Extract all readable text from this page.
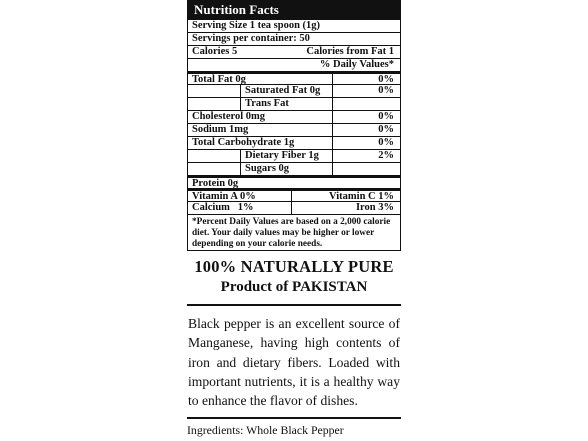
Nutrition Facts
Serving Size 1 tea spoon (1g)
Servings per container: 50
Calories 5	Calories from Fat 1
% Daily Values*
Total Fat 0g	0%
Saturated Fat 0g	0%
Trans Fat
Cholesterol 0mg	0%
Sodium 1mg	0%
Total Carbohydrate 1g	0%
Dietary Fiber 1g	2%
Sugars 0g
Protein 0g
Vitamin A 0%	Vitamin C 1%
Calcium   1%	Iron 3%
*Percent Daily Values are based on a 2,000 calorie diet. Your daily values may be higher or lower depending on your calorie needs.
100% NATURALLY PURE
Product of PAKISTAN
Black pepper is an excellent source of Manganese, having high contents of iron and dietary fibers. Loaded with important nutrients, it is a healthy way to enhance the flavor of dishes.
Ingredients: Whole Black Pepper
